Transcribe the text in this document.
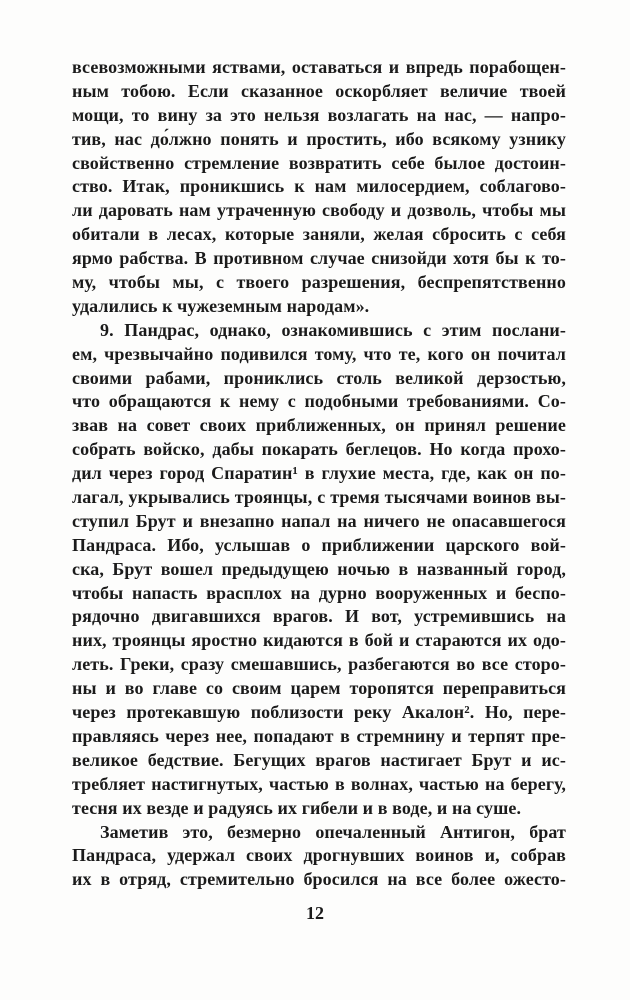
всевозможными яствами, оставаться и впредь порабощен-
ным тобою. Если сказанное оскорбляет величие твоей
мощи, то вину за это нельзя возлагать на нас, — напро-
тив, нас до́лжно понять и простить, ибо всякому узнику
свойственно стремление возвратить себе былое достоин-
ство. Итак, проникшись к нам милосердием, соблагово-
ли даровать нам утраченную свободу и дозволь, чтобы мы
обитали в лесах, которые заняли, желая сбросить с себя
ярмо рабства. В противном случае снизойди хотя бы к то-
му, чтобы мы, с твоего разрешения, беспрепятственно
удалились к чужеземным народам».
9. Пандрас, однако, ознакомившись с этим послани-
ем, чрезвычайно подивился тому, что те, кого он почитал
своими рабами, прониклись столь великой дерзостью,
что обращаются к нему с подобными требованиями. Со-
звав на совет своих приближенных, он принял решение
собрать войско, дабы покарать беглецов. Но когда прохо-
дил через город Спаратин¹ в глухие места, где, как он по-
лагал, укрывались троянцы, с тремя тысячами воинов вы-
ступил Брут и внезапно напал на ничего не опасавшегося
Пандраса. Ибо, услышав о приближении царского вой-
ска, Брут вошел предыдущею ночью в названный город,
чтобы напасть врасплох на дурно вооруженных и беспо-
рядочно двигавшихся врагов. И вот, устремившись на
них, троянцы яростно кидаются в бой и стараются их одо-
леть. Греки, сразу смешавшись, разбегаются во все сторо-
ны и во главе со своим царем торопятся переправиться
через протекавшую поблизости реку Акалон². Но, пере-
правляясь через нее, попадают в стремнину и терпят пре-
великое бедствие. Бегущих врагов настигает Брут и ис-
требляет настигнутых, частью в волнах, частью на берегу,
тесня их везде и радуясь их гибели и в воде, и на суше.
Заметив это, безмерно опечаленный Антигон, брат
Пандраса, удержал своих дрогнувших воинов и, собрав
их в отряд, стремительно бросился на все более ожесто-
12
